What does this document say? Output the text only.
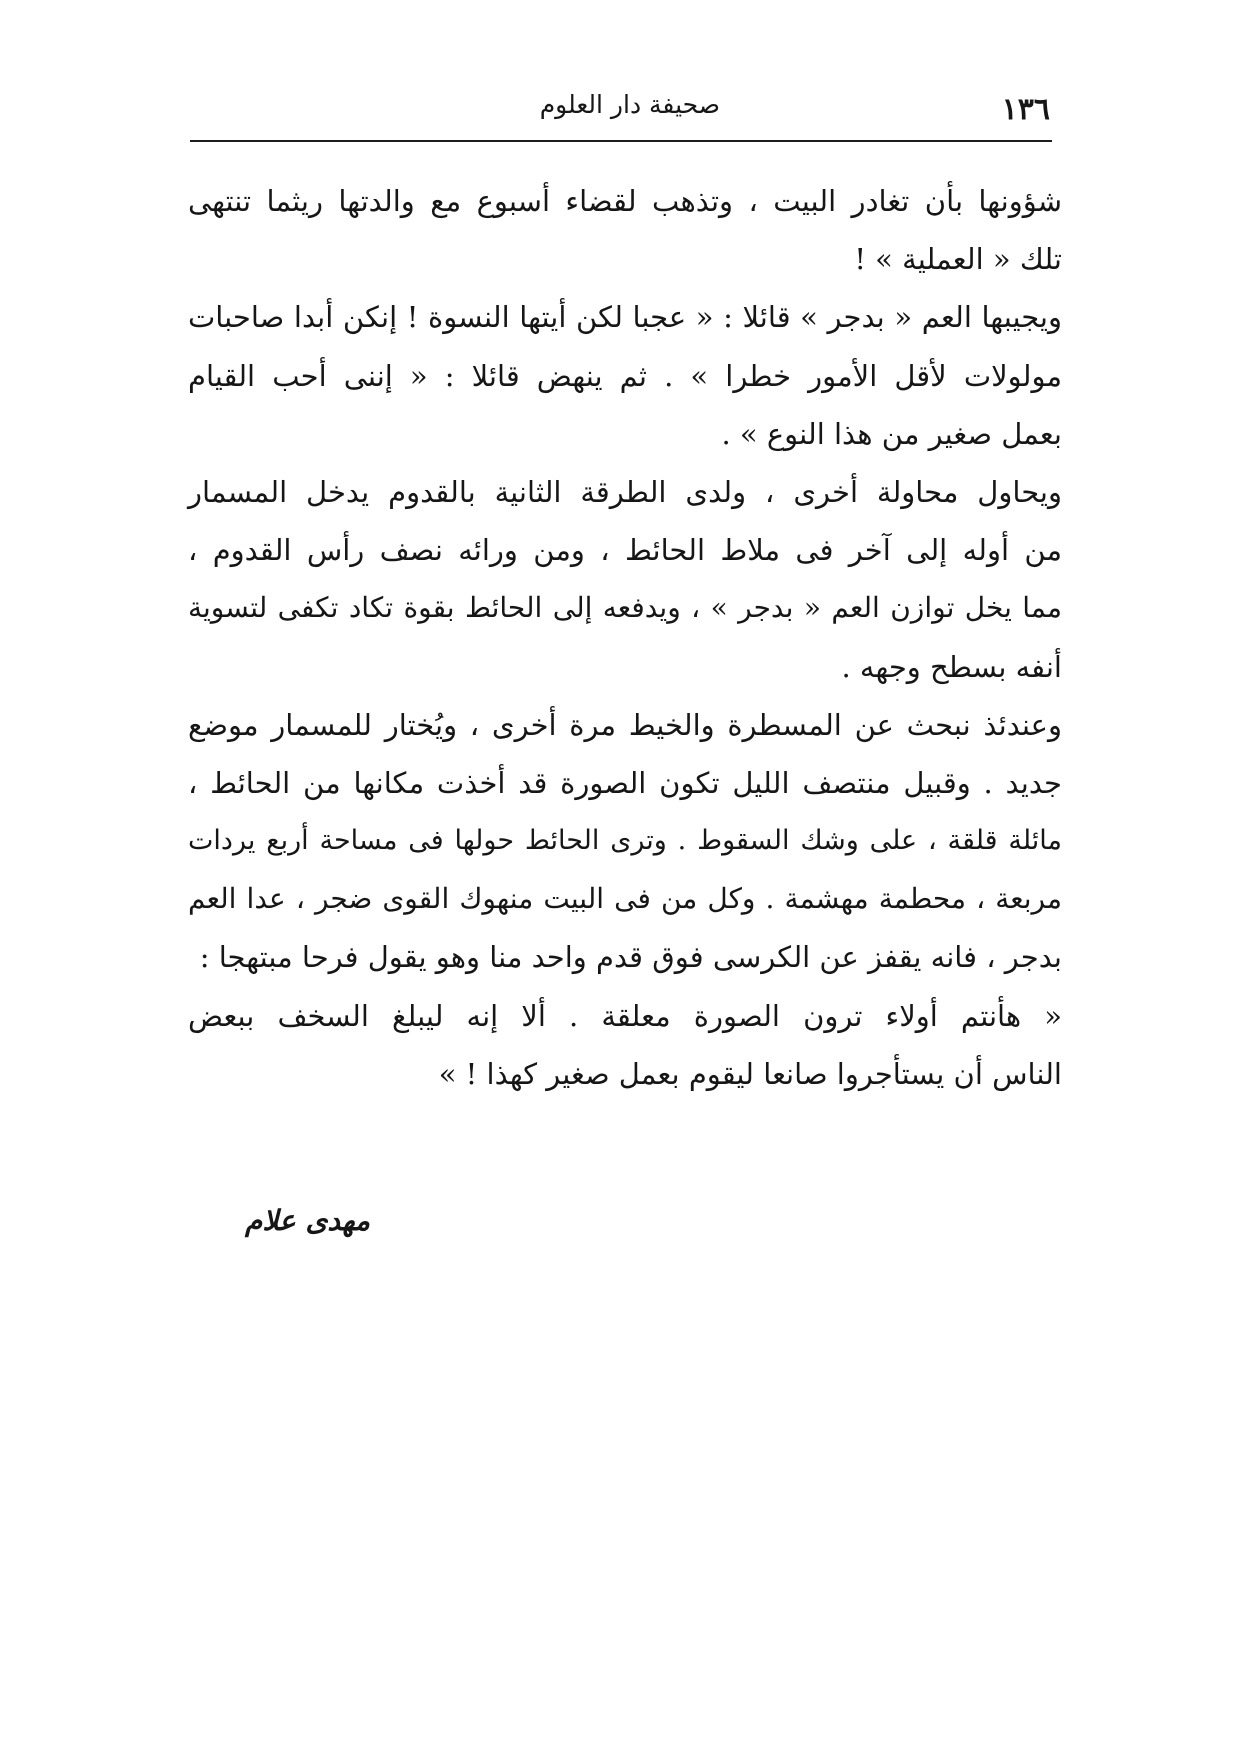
١٣٦
صحيفة دار العلوم

شؤونها بأن تغادر البيت ، وتذهب لقضاء أسبوع مع والدتها ريثما تنتهى
تلك « العملية » !

ويجيبها العم « بدجر » قائلا : « عجبا لكن أيتها النسوة ! إنكن أبدا صاحبات
مولولات لأقل الأمور خطرا » . ثم ينهض قائلا : « إننى أحب القيام
بعمل صغير من هذا النوع » .

ويحاول محاولة أخرى ، ولدى الطرقة الثانية بالقدوم يدخل المسمار
من أوله إلى آخر فى ملاط الحائط ، ومن ورائه نصف رأس القدوم ،
مما يخل توازن العم « بدجر » ، ويدفعه إلى الحائط بقوة تكاد تكفى لتسوية
أنفه بسطح وجهه .

وعندئذ نبحث عن المسطرة والخيط مرة أخرى ، ويُختار للمسمار موضع
جديد . وقبيل منتصف الليل تكون الصورة قد أخذت مكانها من الحائط ،
مائلة قلقة ، على وشك السقوط . وترى الحائط حولها فى مساحة أربع يردات
مربعة ، محطمة مهشمة . وكل من فى البيت منهوك القوى ضجر ، عدا العم
بدجر ، فانه يقفز عن الكرسى فوق قدم واحد منا وهو يقول فرحا مبتهجا :

« هأنتم أولاء ترون الصورة معلقة . ألا إنه ليبلغ السخف ببعض
الناس أن يستأجروا صانعا ليقوم بعمل صغير كهذا ! »

مهدى علام
